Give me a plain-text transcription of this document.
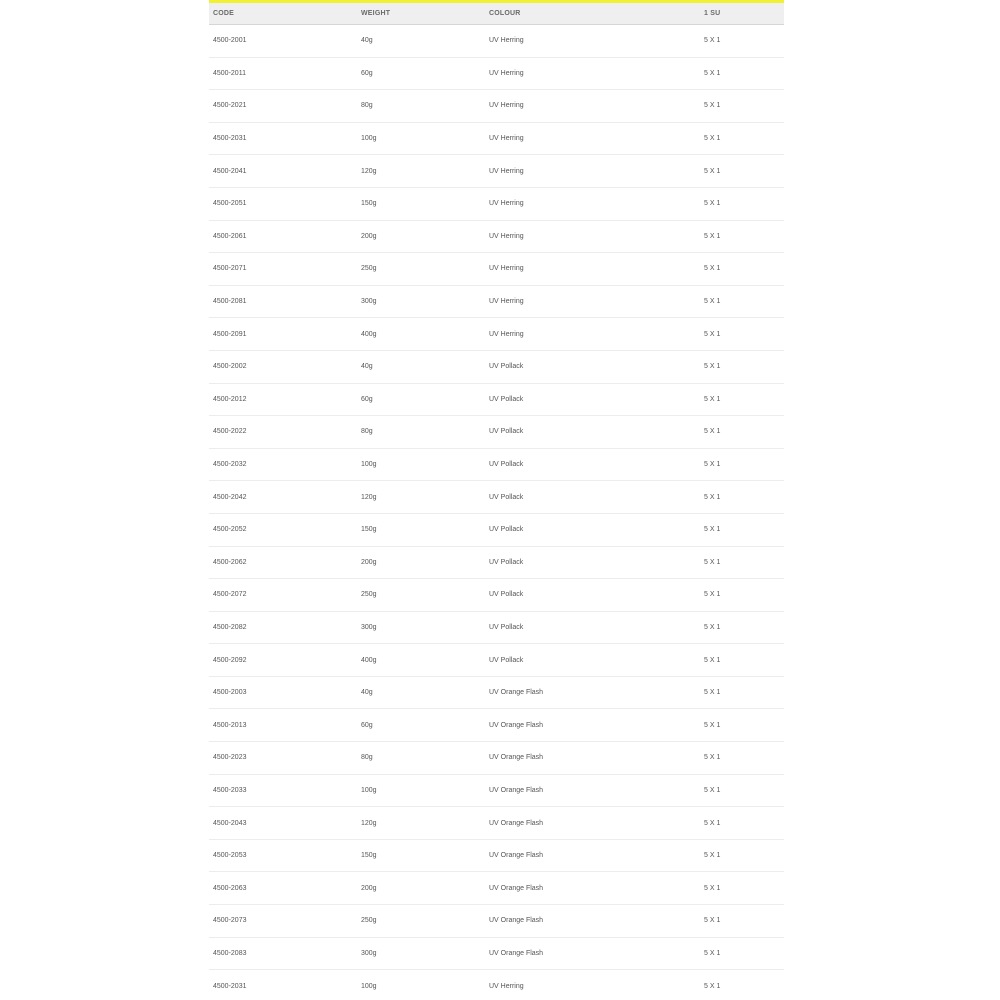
CODE	WEIGHT	COLOUR	1 SU
4500-2001	40g	UV Herring	5 X 1
4500-2011	60g	UV Herring	5 X 1
4500-2021	80g	UV Herring	5 X 1
4500-2031	100g	UV Herring	5 X 1
4500-2041	120g	UV Herring	5 X 1
4500-2051	150g	UV Herring	5 X 1
4500-2061	200g	UV Herring	5 X 1
4500-2071	250g	UV Herring	5 X 1
4500-2081	300g	UV Herring	5 X 1
4500-2091	400g	UV Herring	5 X 1
4500-2002	40g	UV Pollack	5 X 1
4500-2012	60g	UV Pollack	5 X 1
4500-2022	80g	UV Pollack	5 X 1
4500-2032	100g	UV Pollack	5 X 1
4500-2042	120g	UV Pollack	5 X 1
4500-2052	150g	UV Pollack	5 X 1
4500-2062	200g	UV Pollack	5 X 1
4500-2072	250g	UV Pollack	5 X 1
4500-2082	300g	UV Pollack	5 X 1
4500-2092	400g	UV Pollack	5 X 1
4500-2003	40g	UV Orange Flash	5 X 1
4500-2013	60g	UV Orange Flash	5 X 1
4500-2023	80g	UV Orange Flash	5 X 1
4500-2033	100g	UV Orange Flash	5 X 1
4500-2043	120g	UV Orange Flash	5 X 1
4500-2053	150g	UV Orange Flash	5 X 1
4500-2063	200g	UV Orange Flash	5 X 1
4500-2073	250g	UV Orange Flash	5 X 1
4500-2083	300g	UV Orange Flash	5 X 1
4500-2031	100g	UV Herring	5 X 1
